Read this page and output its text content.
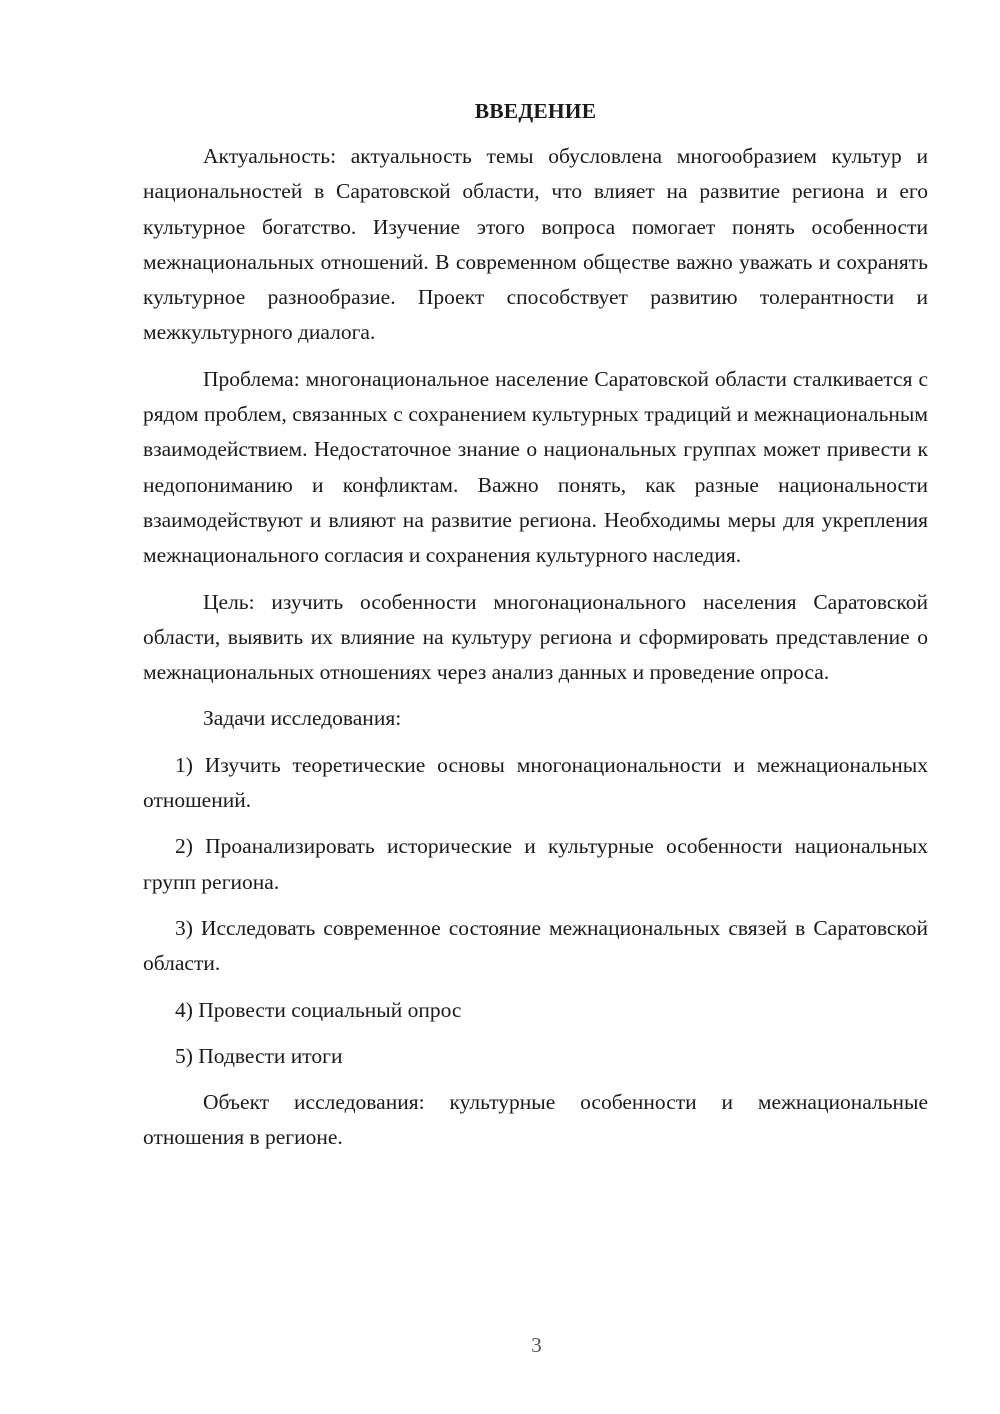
ВВЕДЕНИЕ

Актуальность: актуальность темы обусловлена многообразием культур и национальностей в Саратовской области, что влияет на развитие региона и его культурное богатство. Изучение этого вопроса помогает понять особенности межнациональных отношений. В современном обществе важно уважать и сохранять культурное разнообразие. Проект способствует развитию толерантности и межкультурного диалога.

Проблема: многонациональное население Саратовской области сталкивается с рядом проблем, связанных с сохранением культурных традиций и межнациональным взаимодействием. Недостаточное знание о национальных группах может привести к недопониманию и конфликтам. Важно понять, как разные национальности взаимодействуют и влияют на развитие региона. Необходимы меры для укрепления межнационального согласия и сохранения культурного наследия.

Цель: изучить особенности многонационального населения Саратовской области, выявить их влияние на культуру региона и сформировать представление о межнациональных отношениях через анализ данных и проведение опроса.

Задачи исследования:

1) Изучить теоретические основы многонациональности и межнациональных отношений.

2) Проанализировать исторические и культурные особенности национальных групп региона.

3) Исследовать современное состояние межнациональных связей в Саратовской области.

4) Провести социальный опрос

5) Подвести итоги

Объект исследования: культурные особенности и межнациональные отношения в регионе.

3
